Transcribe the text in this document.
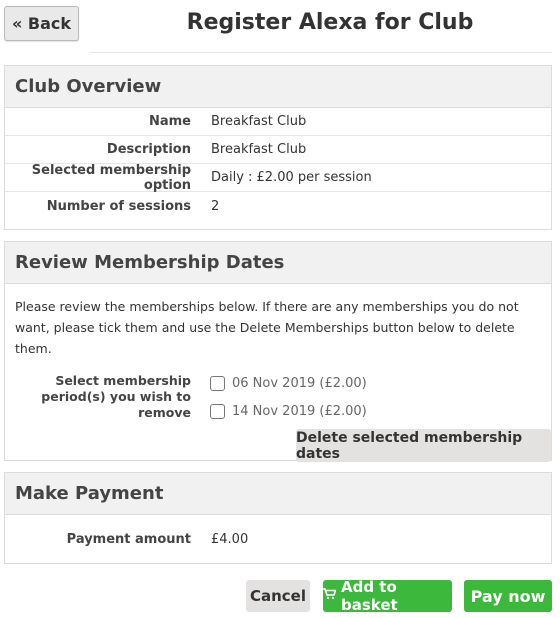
« Back	Register Alexa for Club
Club Overview
Name	Breakfast Club
Description	Breakfast Club
Selected membership option	Daily : £2.00 per session
Number of sessions	2
Review Membership Dates
Please review the memberships below. If there are any memberships you do not want, please tick them and use the Delete Memberships button below to delete them.
Select membership period(s) you wish to remove
06 Nov 2019 (£2.00)
14 Nov 2019 (£2.00)
Delete selected membership dates
Make Payment
Payment amount	£4.00
Cancel Add to basket	Pay now
